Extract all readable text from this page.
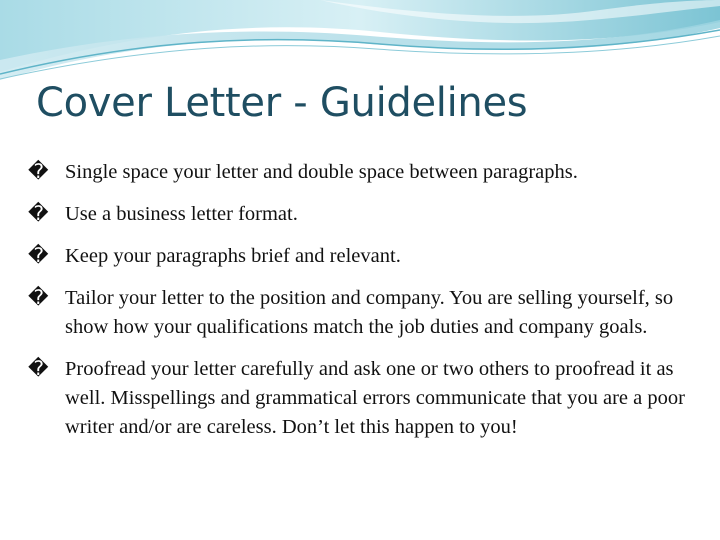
Cover Letter - Guidelines
� Single space your letter and double space between paragraphs.
� Use a business letter format.
� Keep your paragraphs brief and relevant.
� Tailor your letter to the position and company. You are selling yourself, so show how your qualifications match the job duties and company goals.
� Proofread your letter carefully and ask one or two others to proofread it as well. Misspellings and grammatical errors communicate that you are a poor writer and/or are careless. Don’t let this happen to you!
